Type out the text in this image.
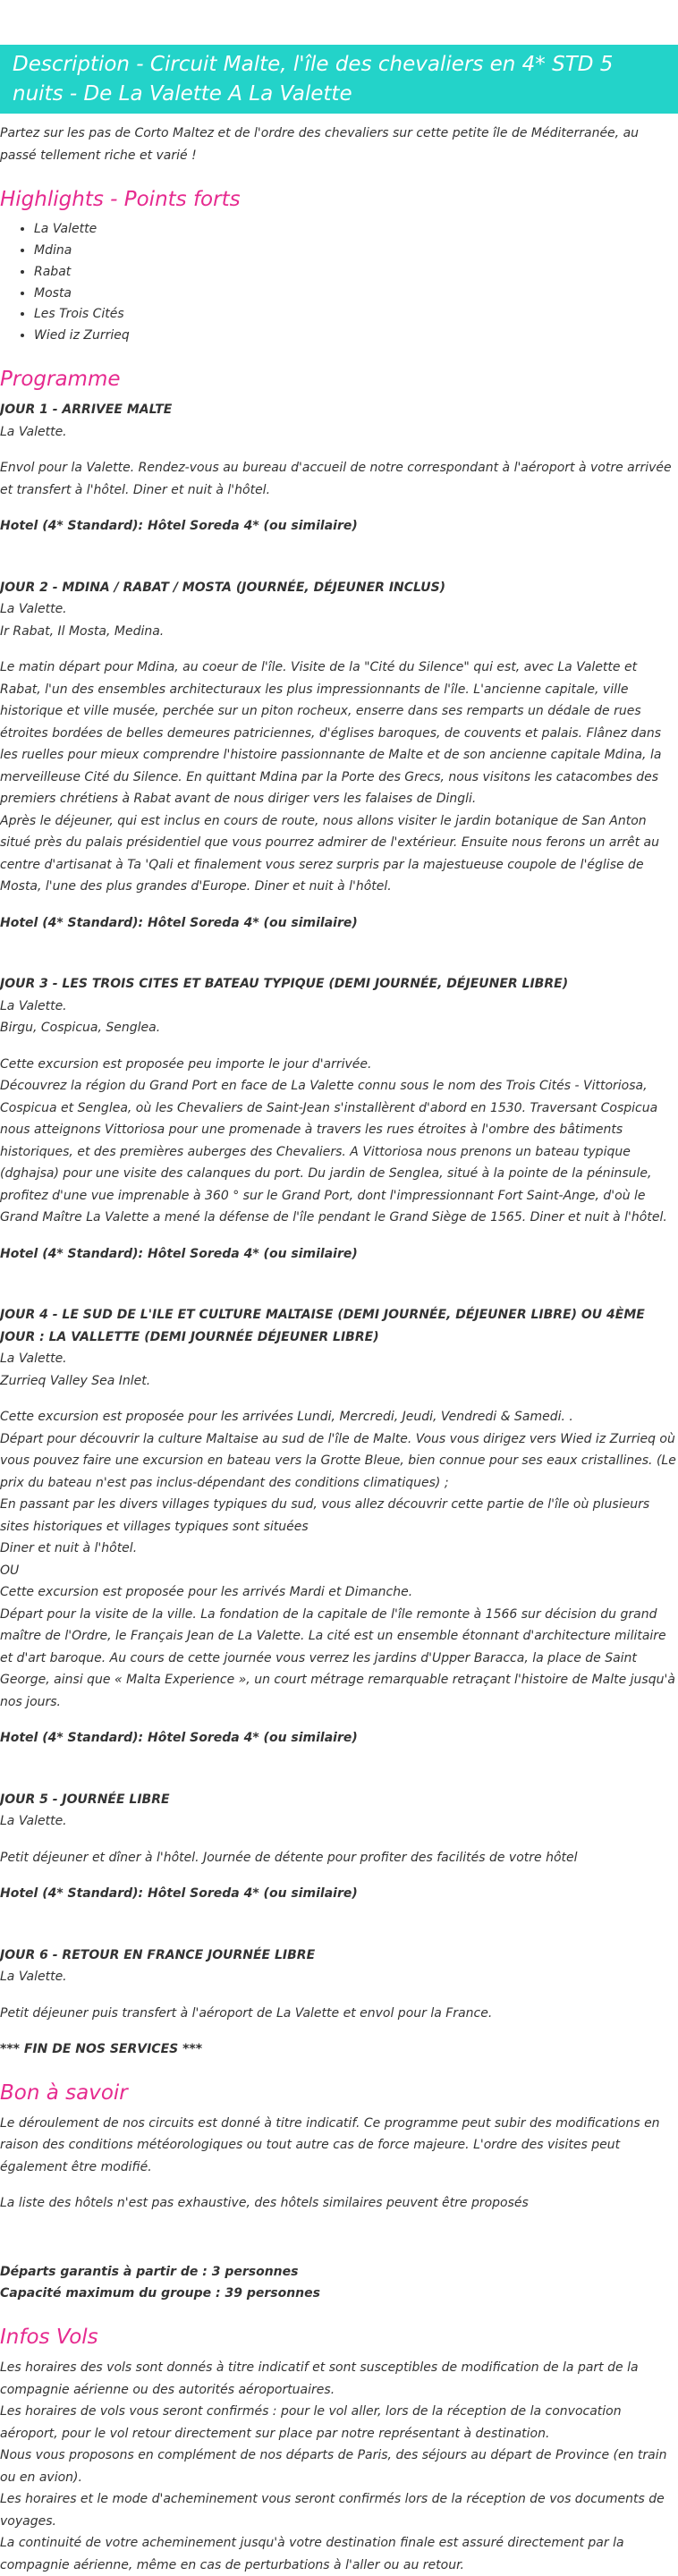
Description - Circuit Malte, l'île des chevaliers en 4* STD 5 nuits - De La Valette A La Valette

Partez sur les pas de Corto Maltez et de l'ordre des chevaliers sur cette petite île de Méditerranée, au passé tellement riche et varié !

Highlights - Points forts
• La Valette
• Mdina
• Rabat
• Mosta
• Les Trois Cités
• Wied iz Zurrieq
Programme

JOUR 1 - ARRIVEE MALTE

La Valette.

Envol pour la Valette. Rendez-vous au bureau d'accueil de notre correspondant à l'aéroport à votre arrivée et transfert à l'hôtel. Diner et nuit à l'hôtel.

Hotel (4* Standard): Hôtel Soreda 4* (ou similaire)

JOUR 2 - MDINA / RABAT / MOSTA (JOURNÉE, DÉJEUNER INCLUS)

La Valette.
Ir Rabat, Il Mosta, Medina.

Le matin départ pour Mdina, au coeur de l'île. Visite de la "Cité du Silence" qui est, avec La Valette et Rabat, l'un des ensembles architecturaux les plus impressionnants de l'île. L'ancienne capitale, ville historique et ville musée, perchée sur un piton rocheux, enserre dans ses remparts un dédale de rues étroites bordées de belles demeures patriciennes, d'églises baroques, de couvents et palais. Flânez dans les ruelles pour mieux comprendre l'histoire passionnante de Malte et de son ancienne capitale Mdina, la merveilleuse Cité du Silence. En quittant Mdina par la Porte des Grecs, nous visitons les catacombes des premiers chrétiens à Rabat avant de nous diriger vers les falaises de Dingli.
Après le déjeuner, qui est inclus en cours de route, nous allons visiter le jardin botanique de San Anton situé près du palais présidentiel que vous pourrez admirer de l'extérieur. Ensuite nous ferons un arrêt au centre d'artisanat à Ta 'Qali et finalement vous serez surpris par la majestueuse coupole de l'église de Mosta, l'une des plus grandes d'Europe. Diner et nuit à l'hôtel.

Hotel (4* Standard): Hôtel Soreda 4* (ou similaire)

JOUR 3 - LES TROIS CITES ET BATEAU TYPIQUE (DEMI JOURNÉE, DÉJEUNER LIBRE)

La Valette.
Birgu, Cospicua, Senglea.

Cette excursion est proposée peu importe le jour d'arrivée.
Découvrez la région du Grand Port en face de La Valette connu sous le nom des Trois Cités - Vittoriosa, Cospicua et Senglea, où les Chevaliers de Saint-Jean s'installèrent d'abord en 1530. Traversant Cospicua nous atteignons Vittoriosa pour une promenade à travers les rues étroites à l'ombre des bâtiments historiques, et des premières auberges des Chevaliers. A Vittoriosa nous prenons un bateau typique (dghajsa) pour une visite des calanques du port. Du jardin de Senglea, situé à la pointe de la péninsule, profitez d'une vue imprenable à 360 ° sur le Grand Port, dont l'impressionnant Fort Saint-Ange, d'où le Grand Maître La Valette a mené la défense de l'île pendant le Grand Siège de 1565. Diner et nuit à l'hôtel.

Hotel (4* Standard): Hôtel Soreda 4* (ou similaire)

JOUR 4 - LE SUD DE L'ILE ET CULTURE MALTAISE (DEMI JOURNÉE, DÉJEUNER LIBRE) OU 4ÈME JOUR : LA VALLETTE (DEMI JOURNÉE DÉJEUNER LIBRE)

La Valette.
Zurrieq Valley Sea Inlet.

Cette excursion est proposée pour les arrivées Lundi, Mercredi, Jeudi, Vendredi & Samedi. .
Départ pour découvrir la culture Maltaise au sud de l'île de Malte. Vous vous dirigez vers Wied iz Zurrieq où vous pouvez faire une excursion en bateau vers la Grotte Bleue, bien connue pour ses eaux cristallines. (Le prix du bateau n'est pas inclus-dépendant des conditions climatiques) ;
En passant par les divers villages typiques du sud, vous allez découvrir cette partie de l'île où plusieurs sites historiques et villages typiques sont situées
Diner et nuit à l'hôtel.
OU
Cette excursion est proposée pour les arrivés Mardi et Dimanche.
Départ pour la visite de la ville. La fondation de la capitale de l'île remonte à 1566 sur décision du grand maître de l'Ordre, le Français Jean de La Valette. La cité est un ensemble étonnant d'architecture militaire et d'art baroque. Au cours de cette journée vous verrez les jardins d'Upper Baracca, la place de Saint George, ainsi que « Malta Experience », un court métrage remarquable retraçant l'histoire de Malte jusqu'à nos jours.

Hotel (4* Standard): Hôtel Soreda 4* (ou similaire)

JOUR 5 - JOURNÉE LIBRE

La Valette.

Petit déjeuner et dîner à l'hôtel. Journée de détente pour profiter des facilités de votre hôtel

Hotel (4* Standard): Hôtel Soreda 4* (ou similaire)

JOUR 6 - RETOUR EN FRANCE JOURNÉE LIBRE

La Valette.

Petit déjeuner puis transfert à l'aéroport de La Valette et envol pour la France.

*** FIN DE NOS SERVICES ***

Bon à savoir

Le déroulement de nos circuits est donné à titre indicatif. Ce programme peut subir des modifications en raison des conditions météorologiques ou tout autre cas de force majeure. L'ordre des visites peut également être modifié.

La liste des hôtels n'est pas exhaustive, des hôtels similaires peuvent être proposés

Départs garantis à partir de : 3 personnes

Capacité maximum du groupe : 39 personnes

Infos Vols

Les horaires des vols sont donnés à titre indicatif et sont susceptibles de modification de la part de la compagnie aérienne ou des autorités aéroportuaires.
Les horaires de vols vous seront confirmés : pour le vol aller, lors de la réception de la convocation aéroport, pour le vol retour directement sur place par notre représentant à destination.
Nous vous proposons en complément de nos départs de Paris, des séjours au départ de Province (en train ou en avion).
Les horaires et le mode d'acheminement vous seront confirmés lors de la réception de vos documents de voyages.
La continuité de votre acheminement jusqu'à votre destination finale est assuré directement par la compagnie aérienne, même en cas de perturbations à l'aller ou au retour.
